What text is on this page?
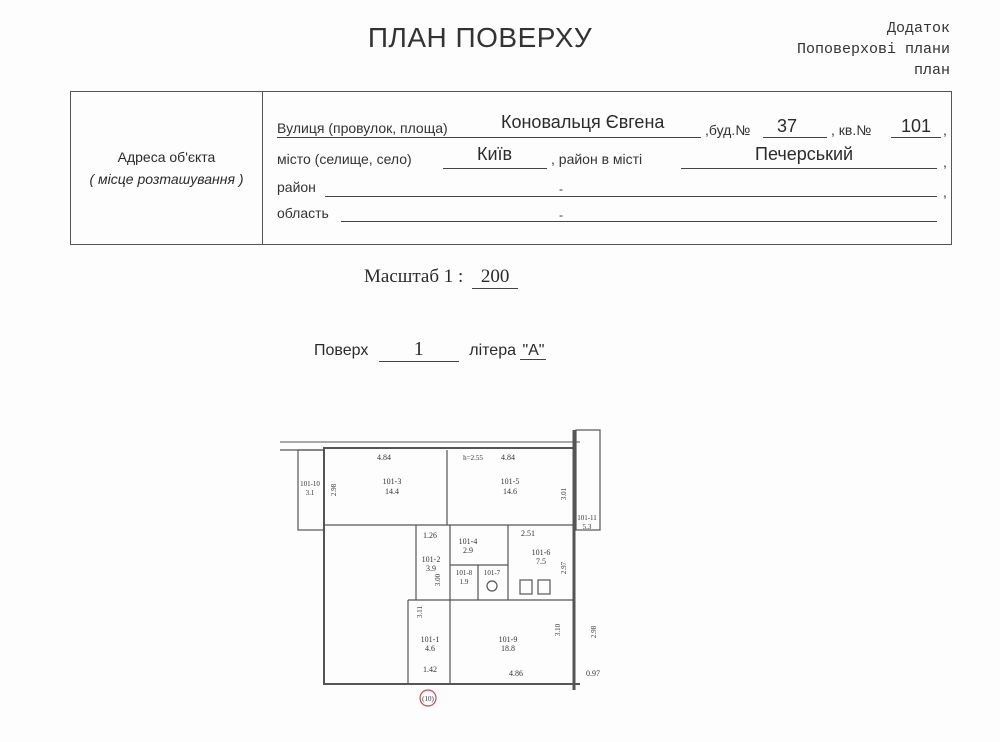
ПЛАН ПОВЕРХУ	Додаток
Поповерхові плани
план
Адреса об'єкта
( місце розташування )
Вулиця (провулок, площа)	Коновальця Євгена	,буд.№ 37 , кв.№ 101 ,
місто (селище, село)	Київ	, район в місті	Печерський	,
район	-	,
область	-
Масштаб 1 : 200
Поверх 1	літера "А"
4.84	4.84
h=2.55
2.98	3.01
2.51
2.97
1.26
3.00
3.11
3.10	2.98
4.86	0.97
1.42
101-10
3.1
101-3
14.4
101-5
14.6
101-11
5.3
101-4
2.9	101-6
7.5
101-2
3.9	101-8
1.9
101-7
101-1
4.6
101-9
18.8
(10)
